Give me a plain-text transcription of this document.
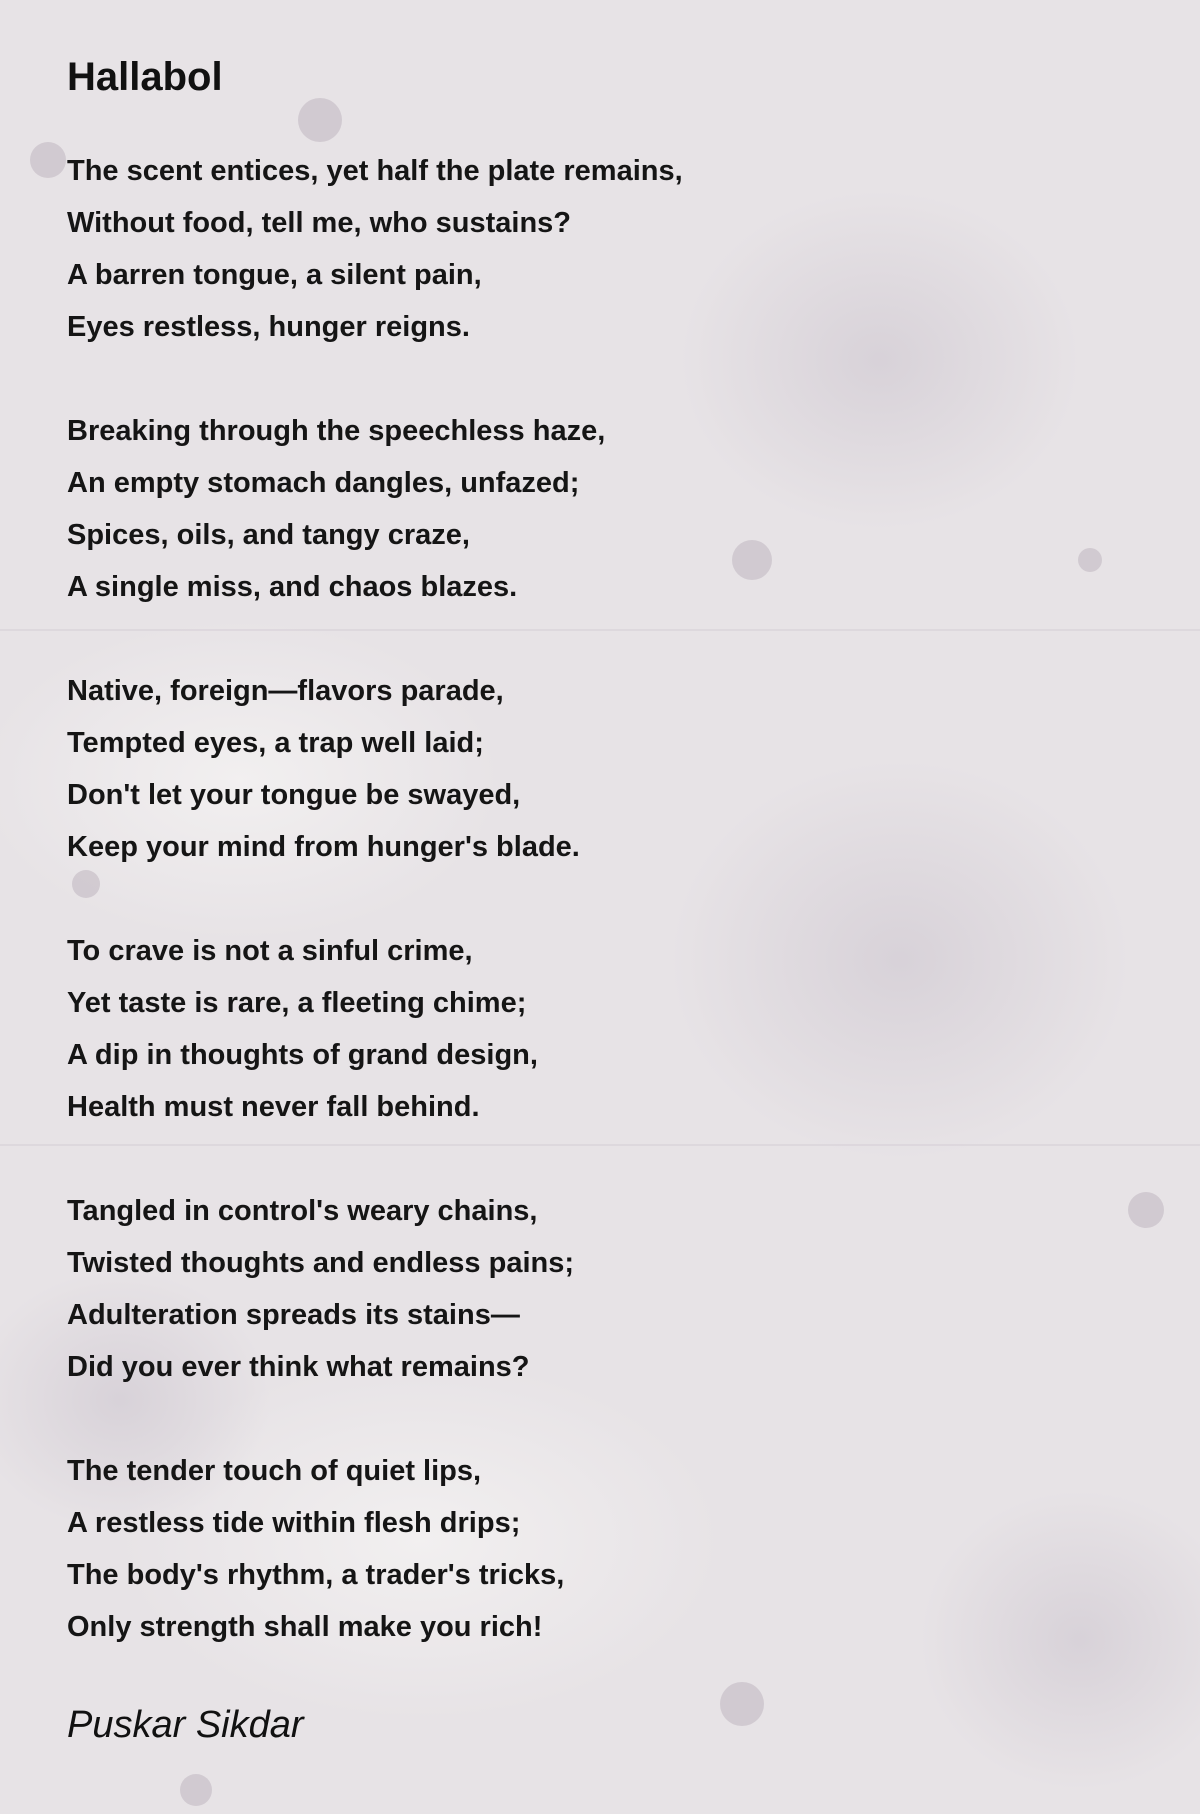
Hallabol
The scent entices, yet half the plate remains,
Without food, tell me, who sustains?
A barren tongue, a silent pain,
Eyes restless, hunger reigns.
Breaking through the speechless haze,
An empty stomach dangles, unfazed;
Spices, oils, and tangy craze,
A single miss, and chaos blazes.
Native, foreign—flavors parade,
Tempted eyes, a trap well laid;
Don't let your tongue be swayed,
Keep your mind from hunger's blade.
To crave is not a sinful crime,
Yet taste is rare, a fleeting chime;
A dip in thoughts of grand design,
Health must never fall behind.
Tangled in control's weary chains,
Twisted thoughts and endless pains;
Adulteration spreads its stains—
Did you ever think what remains?
The tender touch of quiet lips,
A restless tide within flesh drips;
The body's rhythm, a trader's tricks,
Only strength shall make you rich!
Puskar Sikdar
